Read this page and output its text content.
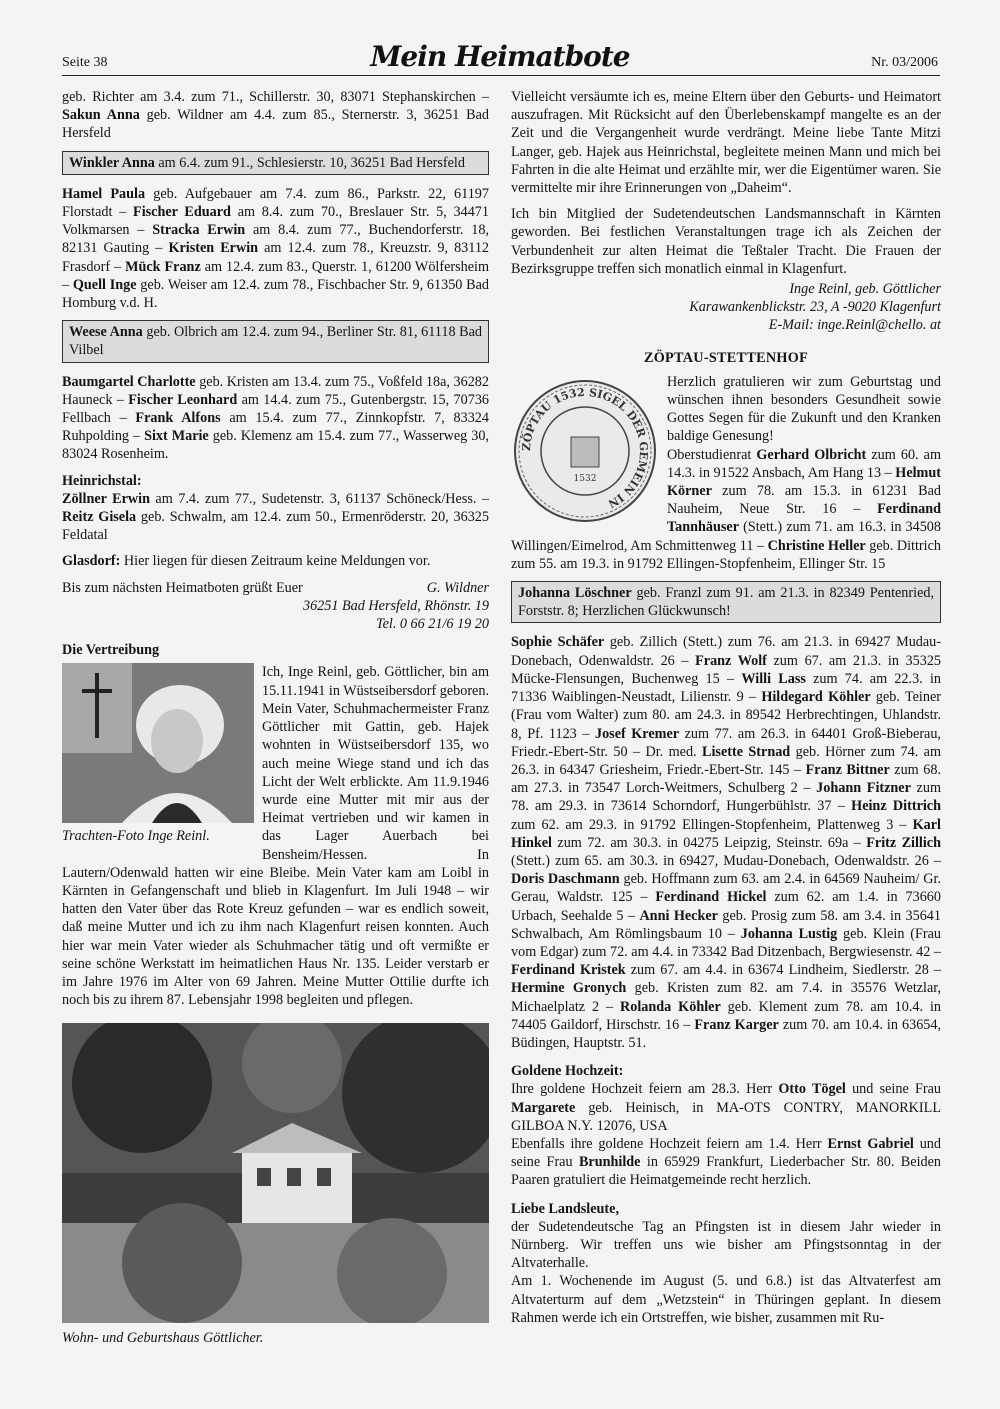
Seite 38	Mein Heimatbote	Nr. 03/2006

geb. Richter am 3.4. zum 71., Schillerstr. 30, 83071 Stephanskirchen – Sakun Anna geb. Wildner am 4.4. zum 85., Sternerstr. 3, 36251 Bad Hersfeld

Winkler Anna am 6.4. zum 91., Schlesierstr. 10, 36251 Bad Hersfeld

Hamel Paula geb. Aufgebauer am 7.4. zum 86., Parkstr. 22, 61197 Florstadt – Fischer Eduard am 8.4. zum 70., Breslauer Str. 5, 34471 Volkmarsen – Stracka Erwin am 8.4. zum 77., Buchendorferstr. 18, 82131 Gauting – Kristen Erwin am 12.4. zum 78., Kreuzstr. 9, 83112 Frasdorf – Mück Franz am 12.4. zum 83., Querstr. 1, 61200 Wölfersheim – Quell Inge geb. Weiser am 12.4. zum 78., Fischbacher Str. 9, 61350 Bad Homburg v.d. H.

Weese Anna geb. Olbrich am 12.4. zum 94., Berliner Str. 81, 61118 Bad Vilbel

Baumgartel Charlotte geb. Kristen am 13.4. zum 75., Voßfeld 18a, 36282 Hauneck – Fischer Leonhard am 14.4. zum 75., Gutenbergstr. 15, 70736 Fellbach – Frank Alfons am 15.4. zum 77., Zinnkopfstr. 7, 83324 Ruhpolding – Sixt Marie geb. Klemenz am 15.4. zum 77., Wasserweg 30, 83024 Rosenheim.

Heinrichstal:

Zöllner Erwin am 7.4. zum 77., Sudetenstr. 3, 61137 Schöneck/Hess. – Reitz Gisela geb. Schwalm, am 12.4. zum 50., Ermenröderstr. 20, 36325 Feldatal

Glasdorf: Hier liegen für diesen Zeitraum keine Meldungen vor.

Bis zum nächsten Heimatboten grüßt Euer	G. Wildner
36251 Bad Hersfeld, Rhönstr. 19
Tel. 0 66 21/6 19 20

Die Vertreibung

Trachten-Foto Inge Reinl.
Ich, Inge Reinl, geb. Göttlicher, bin am 15.11.1941 in Wüstseibersdorf geboren. Mein Vater, Schuhmachermeister Franz Göttlicher mit Gattin, geb. Hajek wohnten in Wüstseibersdorf 135, wo auch meine Wiege stand und ich das Licht der Welt erblickte. Am 11.9.1946 wurde eine Mutter mit mir aus der Heimat vertrieben und wir kamen in das Lager Auerbach bei Bensheim/Hessen. In Lautern/Odenwald hatten wir eine Bleibe. Mein Vater kam am Loibl in Kärnten in Gefangenschaft und blieb in Klagenfurt. Im Juli 1948 – wir hatten den Vater über das Rote Kreuz gefunden – war es endlich soweit, daß meine Mutter und ich zu ihm nach Klagenfurt reisen konnten. Auch hier war mein Vater wieder als Schuhmacher tätig und oft vermißte er seine schöne Werkstatt im heimatlichen Haus Nr. 135. Leider verstarb er im Jahre 1976 im Alter von 69 Jahren. Meine Mutter Ottilie durfte ich noch bis zu ihrem 87. Lebensjahr 1998 begleiten und pflegen.
Wohn- und Geburtshaus Göttlicher.

Vielleicht versäumte ich es, meine Eltern über den Geburts- und Heimatort auszufragen. Mit Rücksicht auf den Überlebenskampf mangelte es an der Zeit und die Vergangenheit wurde verdrängt. Meine liebe Tante Mitzi Langer, geb. Hajek aus Heinrichstal, begleitete meinen Mann und mich bei Fahrten in die alte Heimat und erzählte mir, wer die Eigentümer waren. Sie vermittelte mir ihre Erinnerungen von „Daheim“.

Ich bin Mitglied der Sudetendeutschen Landsmannschaft in Kärnten geworden. Bei festlichen Veranstaltungen trage ich als Zeichen der Verbundenheit zur alten Heimat die Teßtaler Tracht. Die Frauen der Bezirksgruppe treffen sich monatlich einmal in Klagenfurt.

Inge Reinl, geb. Göttlicher
Karawankenblickstr. 23, A -9020 Klagenfurt
E-Mail: inge.Reinl@chello. at
ZÖPTAU-STETTENHOF
ZÖPTAU 1532 SIGEL DER GEMEIN IN
1532

Herzlich gratulieren wir zum Geburtstag und wünschen ihnen besonders Gesundheit sowie Gottes Segen für die Zukunft und den Kranken baldige Genesung!

Oberstudienrat Gerhard Olbricht zum 60. am 14.3. in 91522 Ansbach, Am Hang 13 – Helmut Körner zum 78. am 15.3. in 61231 Bad Nauheim, Neue Str. 16 – Ferdinand Tannhäuser (Stett.) zum 71. am 16.3. in 34508 Willingen/Eimelrod, Am Schmittenweg 11 – Christine Heller geb. Dittrich zum 55. am 19.3. in 91792 Ellingen-Stopfenheim, Ellinger Str. 15

Johanna Löschner geb. Franzl zum 91. am 21.3. in 82349 Pentenried, Forststr. 8; Herzlichen Glückwunsch!

Sophie Schäfer geb. Zillich (Stett.) zum 76. am 21.3. in 69427 Mudau-Donebach, Odenwaldstr. 26 – Franz Wolf zum 67. am 21.3. in 35325 Mücke-Flensungen, Buchenweg 15 – Willi Lass zum 74. am 22.3. in 71336 Waiblingen-Neustadt, Lilienstr. 9 – Hildegard Köhler geb. Teiner (Frau vom Walter) zum 80. am 24.3. in 89542 Herbrechtingen, Uhlandstr. 8, Pf. 1123 – Josef Kremer zum 77. am 26.3. in 64401 Groß-Bieberau, Friedr.-Ebert-Str. 50 – Dr. med. Lisette Strnad geb. Hörner zum 74. am 26.3. in 64347 Griesheim, Friedr.-Ebert-Str. 145 – Franz Bittner zum 68. am 27.3. in 73547 Lorch-Weitmers, Schulberg 2 – Johann Fitzner zum 78. am 29.3. in 73614 Schorndorf, Hungerbühlstr. 37 – Heinz Dittrich zum 62. am 29.3. in 91792 Ellingen-Stopfenheim, Plattenweg 3 – Karl Hinkel zum 72. am 30.3. in 04275 Leipzig, Steinstr. 69a – Fritz Zillich (Stett.) zum 65. am 30.3. in 69427, Mudau-Donebach, Odenwaldstr. 26 – Doris Daschmann geb. Hoffmann zum 63. am 2.4. in 64569 Nauheim/ Gr. Gerau, Waldstr. 125 – Ferdinand Hickel zum 62. am 1.4. in 73660 Urbach, Seehalde 5 – Anni Hecker geb. Prosig zum 58. am 3.4. in 35641 Schwalbach, Am Römlingsbaum 10 – Johanna Lustig geb. Klein (Frau vom Edgar) zum 72. am 4.4. in 73342 Bad Ditzenbach, Bergwiesenstr. 42 – Ferdinand Kristek zum 67. am 4.4. in 63674 Lindheim, Siedlerstr. 28 – Hermine Gronych geb. Kristen zum 82. am 7.4. in 35576 Wetzlar, Michaelplatz 2 – Rolanda Köhler geb. Klement zum 78. am 10.4. in 74405 Gaildorf, Hirschstr. 16 – Franz Karger zum 70. am 10.4. in 63654, Büdingen, Hauptstr. 51.

Goldene Hochzeit:

Ihre goldene Hochzeit feiern am 28.3. Herr Otto Tögel und seine Frau Margarete geb. Heinisch, in MA-OTS CONTRY, MANORKILL GILBOA N.Y. 12076, USA

Ebenfalls ihre goldene Hochzeit feiern am 1.4. Herr Ernst Gabriel und seine Frau Brunhilde in 65929 Frankfurt, Liederbacher Str. 80. Beiden Paaren gratuliert die Heimatgemeinde recht herzlich.

Liebe Landsleute,

der Sudetendeutsche Tag an Pfingsten ist in diesem Jahr wieder in Nürnberg. Wir treffen uns wie bisher am Pfingstsonntag in der Altvaterhalle.

Am 1. Wochenende im August (5. und 6.8.) ist das Altvaterfest am Altvaterturm auf dem „Wetzstein“ in Thüringen geplant. In diesem Rahmen werde ich ein Ortstreffen, wie bisher, zusammen mit Ru-
